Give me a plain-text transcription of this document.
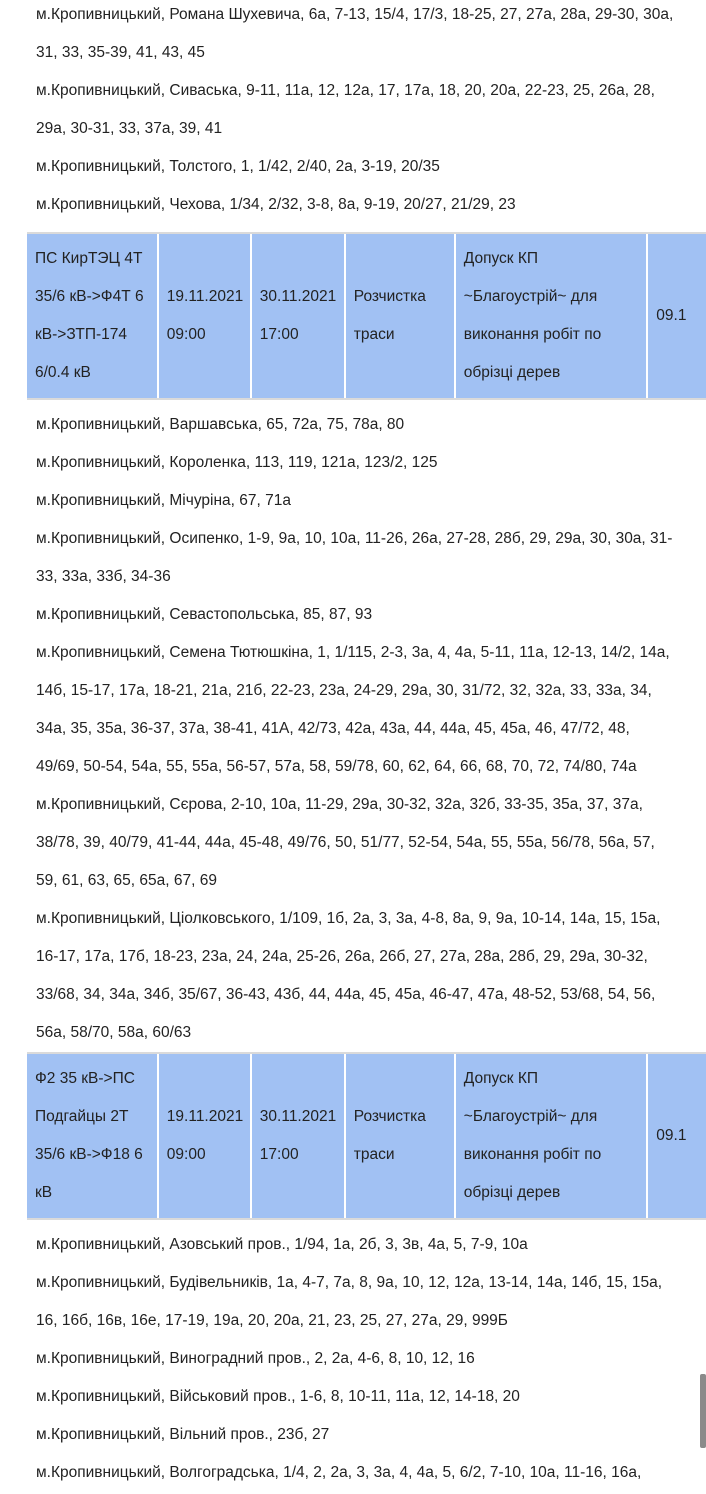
м.Кропивницький, Романа Шухевича, 6а, 7-13, 15/4, 17/3, 18-25, 27, 27а, 28а, 29-30, 30а, 31, 33, 35-39, 41, 43, 45

м.Кропивницький, Сиваська, 9-11, 11а, 12, 12а, 17, 17а, 18, 20, 20а, 22-23, 25, 26а, 28, 29а, 30-31, 33, 37а, 39, 41

м.Кропивницький, Толстого, 1, 1/42, 2/40, 2а, 3-19, 20/35

м.Кропивницький, Чехова, 1/34, 2/32, 3-8, 8а, 9-19, 20/27, 21/29, 23

ПС КирТЭЦ 4Т 35/6 кВ->Ф4Т 6 кВ->ЗТП-174 6/0.4 кВ
19.11.2021 09:00
30.11.2021 17:00
Розчистка траси
Допуск КП ~Благоустрій~ для виконання робіт по обрізці дерев
09.1

м.Кропивницький, Варшавська, 65, 72а, 75, 78а, 80

м.Кропивницький, Короленка, 113, 119, 121а, 123/2, 125

м.Кропивницький, Мічуріна, 67, 71а

м.Кропивницький, Осипенко, 1-9, 9а, 10, 10а, 11-26, 26а, 27-28, 28б, 29, 29а, 30, 30а, 31-33, 33а, 33б, 34-36

м.Кропивницький, Севастопольська, 85, 87, 93

м.Кропивницький, Семена Тютюшкіна, 1, 1/115, 2-3, 3а, 4, 4а, 5-11, 11а, 12-13, 14/2, 14а, 14б, 15-17, 17а, 18-21, 21а, 21б, 22-23, 23а, 24-29, 29а, 30, 31/72, 32, 32а, 33, 33а, 34, 34а, 35, 35а, 36-37, 37а, 38-41, 41А, 42/73, 42а, 43а, 44, 44а, 45, 45а, 46, 47/72, 48, 49/69, 50-54, 54а, 55, 55а, 56-57, 57а, 58, 59/78, 60, 62, 64, 66, 68, 70, 72, 74/80, 74а

м.Кропивницький, Сєрова, 2-10, 10а, 11-29, 29а, 30-32, 32а, 32б, 33-35, 35а, 37, 37а, 38/78, 39, 40/79, 41-44, 44а, 45-48, 49/76, 50, 51/77, 52-54, 54а, 55, 55а, 56/78, 56а, 57, 59, 61, 63, 65, 65а, 67, 69

м.Кропивницький, Ціолковського, 1/109, 1б, 2а, 3, 3а, 4-8, 8а, 9, 9а, 10-14, 14а, 15, 15а, 16-17, 17а, 17б, 18-23, 23а, 24, 24а, 25-26, 26а, 26б, 27, 27а, 28а, 28б, 29, 29а, 30-32, 33/68, 34, 34а, 34б, 35/67, 36-43, 43б, 44, 44а, 45, 45а, 46-47, 47а, 48-52, 53/68, 54, 56, 56а, 58/70, 58а, 60/63

Ф2 35 кВ->ПС Подгайцы 2Т 35/6 кВ->Ф18 6 кВ
19.11.2021 09:00
30.11.2021 17:00
Розчистка траси
Допуск КП ~Благоустрій~ для виконання робіт по обрізці дерев
09.1

м.Кропивницький, Азовський пров., 1/94, 1а, 2б, 3, 3в, 4а, 5, 7-9, 10а

м.Кропивницький, Будівельників, 1а, 4-7, 7а, 8, 9а, 10, 12, 12а, 13-14, 14а, 14б, 15, 15а, 16, 16б, 16в, 16е, 17-19, 19а, 20, 20а, 21, 23, 25, 27, 27а, 29, 999Б

м.Кропивницький, Виноградний пров., 2, 2а, 4-6, 8, 10, 12, 16

м.Кропивницький, Військовий пров., 1-6, 8, 10-11, 11а, 12, 14-18, 20

м.Кропивницький, Вільний пров., 23б, 27

м.Кропивницький, Волгоградська, 1/4, 2, 2а, 3, 3а, 4, 4а, 5, 6/2, 7-10, 10а, 11-16, 16а,
